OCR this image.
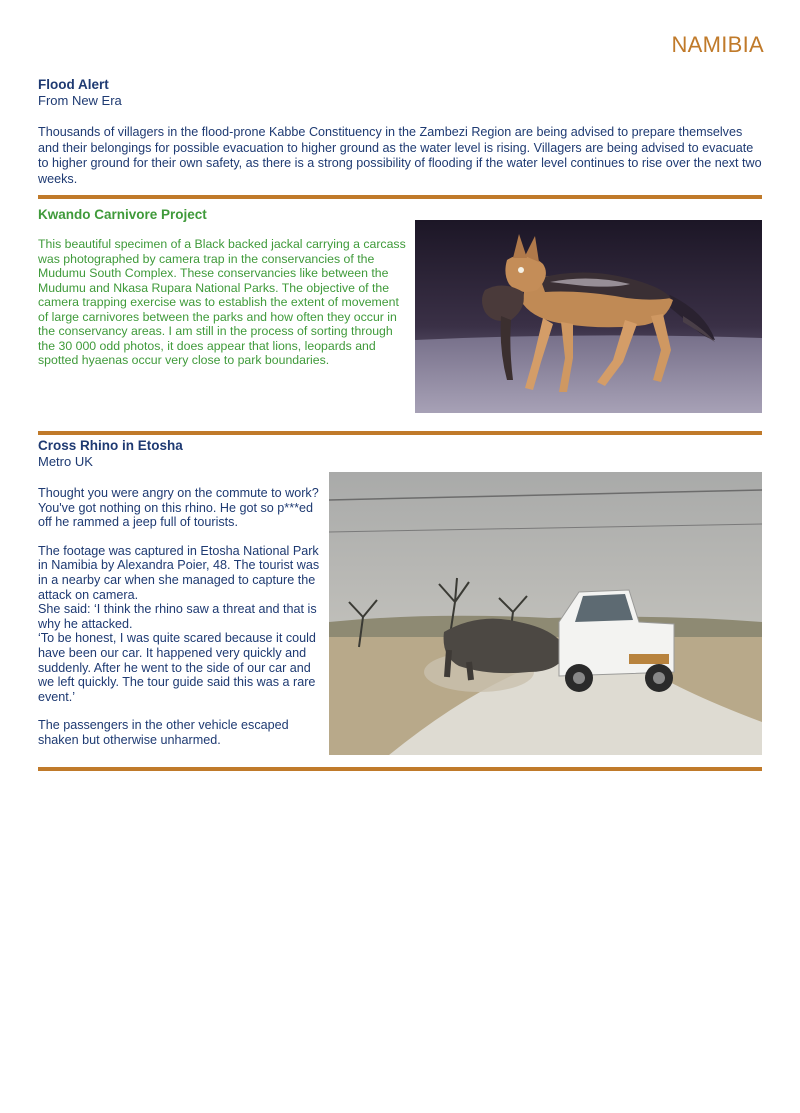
NAMIBIA

Flood Alert

From New Era

Thousands of villagers in the flood-prone Kabbe Constituency in the Zambezi Region are being advised to prepare themselves and their belongings for possible evacuation to higher ground as the water level is rising. Villagers are being advised to evacuate to higher ground for their own safety, as there is a strong possibility of flooding if the water level continues to rise over the next two weeks.

Kwando Carnivore Project

This beautiful specimen of a Black backed jackal carrying a carcass was photographed by camera trap in the conservancies of the Mudumu South Complex. These conservancies like between the Mudumu and Nkasa Rupara National Parks. The objective of the camera trapping exercise was to establish the extent of movement of large carnivores between the parks and how often they occur in the conservancy areas. I am still in the process of sorting through the 30 000 odd photos, it does appear that lions, leopards and spotted hyaenas occur very close to park boundaries.

Cross Rhino in Etosha

Metro UK

Thought you were angry on the commute to work? You've got nothing on this rhino. He got so p***ed off he rammed a jeep full of tourists.

The footage was captured in Etosha National Park in Namibia by Alexandra Poier, 48. The tourist was in a nearby car when she managed to capture the attack on camera.

She said: ‘I think the rhino saw a threat and that is why he attacked.

‘To be honest, I was quite scared because it could have been our car. It happened very quickly and suddenly. After he went to the side of our car and we left quickly. The tour guide said this was a rare event.’

The passengers in the other vehicle escaped shaken but otherwise unharmed.
